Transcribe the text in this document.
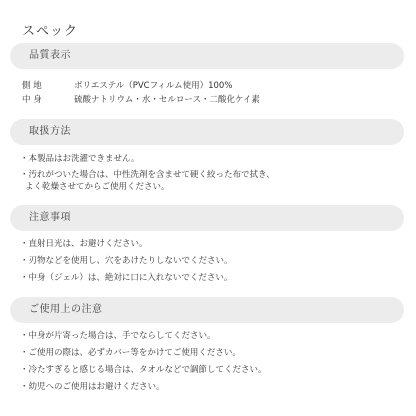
スペック
品質表示
側 地	ポリエステル（PVCフィルム使用）100%
中 身	硫酸ナトリウム・水・セルロース・二酸化ケイ素
取扱方法
・本製品はお洗濯できません。
・汚れがついた場合は、中性洗剤を含ませて硬く絞った布で拭き、
よく乾燥させてからご使用ください。
注意事項
・直射日光は、お避けください。
・刃物などを使用し、穴をあけたりしないでください。
・中身（ジェル）は、絶対に口に入れないでください。
ご使用上の注意
・中身が片寄った場合は、手でならしてください。
・ご使用の際は、必ずカバー等をかけてご使用ください。
・冷たすぎると感じる場合は、タオルなどで調節してください。
・幼児へのご使用はお避けください。
